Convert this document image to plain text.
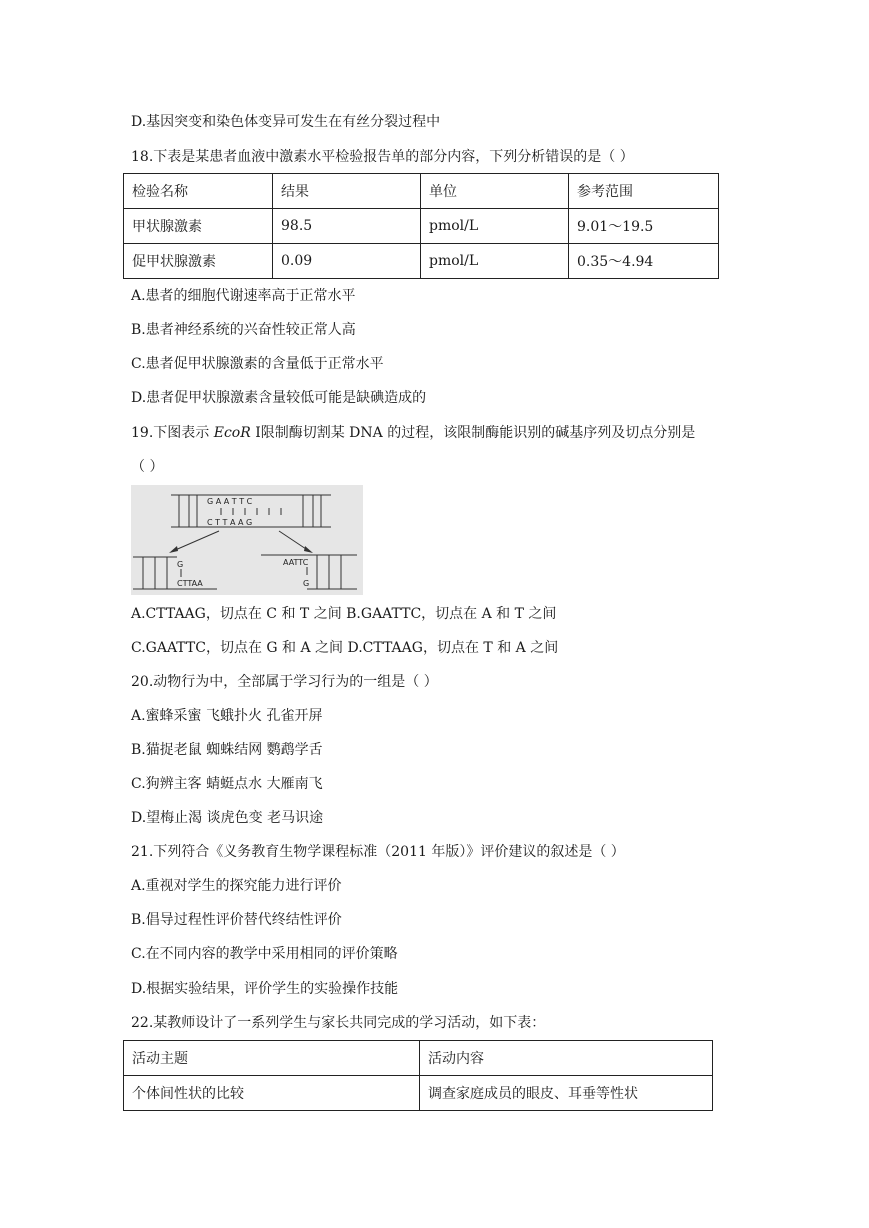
D.基因突变和染色体变异可发生在有丝分裂过程中
18.下表是某患者血液中激素水平检验报告单的部分内容，下列分析错误的是（ ）
检验名称	结果	单位	参考范围
甲状腺激素	98.5	pmol/L	9.01～19.5
促甲状腺激素	0.09	pmol/L	0.35～4.94
A.患者的细胞代谢速率高于正常水平
B.患者神经系统的兴奋性较正常人高
C.患者促甲状腺激素的含量低于正常水平
D.患者促甲状腺激素含量较低可能是缺碘造成的
19.下图表示 EcoR Ⅰ限制酶切割某 DNA 的过程，该限制酶能识别的碱基序列及切点分别是
（ ）
G A A T T C
C T T A A G
G
CTTAA
AATTC
G
A.CTTAAG，切点在 C 和 T 之间 B.GAATTC，切点在 A 和 T 之间
C.GAATTC，切点在 G 和 A 之间 D.CTTAAG，切点在 T 和 A 之间
20.动物行为中，全部属于学习行为的一组是（ ）
A.蜜蜂采蜜 飞蛾扑火 孔雀开屏
B.猫捉老鼠 蜘蛛结网 鹦鹉学舌
C.狗辨主客 蜻蜓点水 大雁南飞
D.望梅止渴 谈虎色变 老马识途
21.下列符合《义务教育生物学课程标准（2011 年版）》评价建议的叙述是（ ）
A.重视对学生的探究能力进行评价
B.倡导过程性评价替代终结性评价
C.在不同内容的教学中采用相同的评价策略
D.根据实验结果，评价学生的实验操作技能
22.某教师设计了一系列学生与家长共同完成的学习活动，如下表：
活动主题	活动内容
个体间性状的比较	调查家庭成员的眼皮、耳垂等性状
